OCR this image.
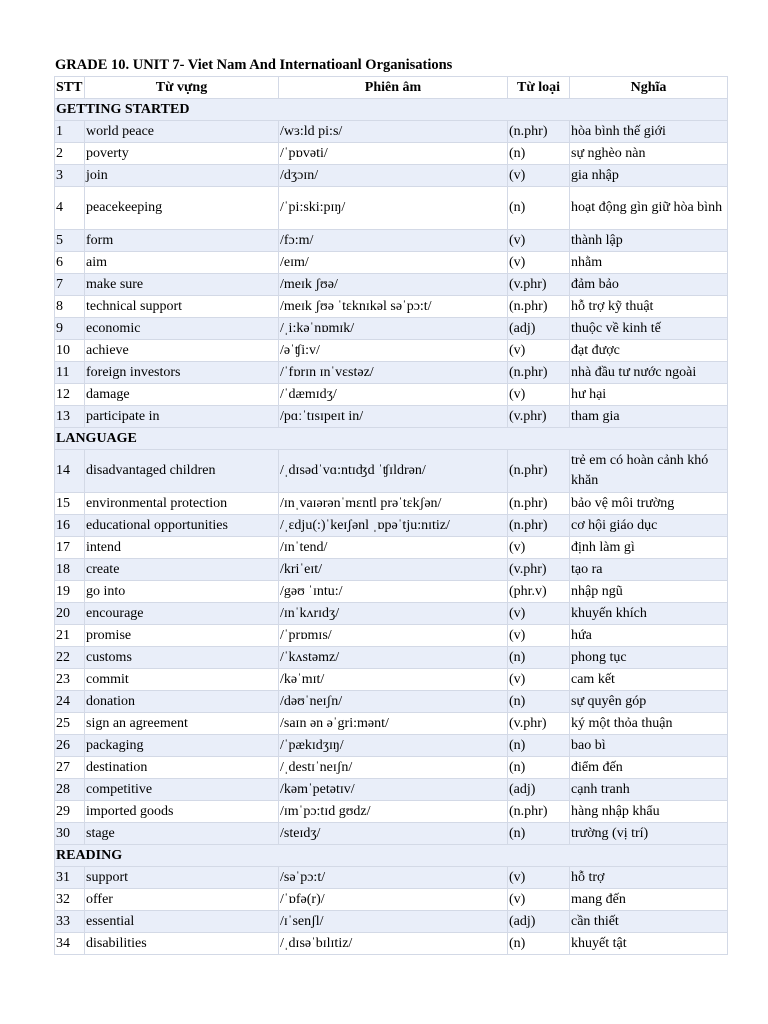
GRADE 10. UNIT 7- Viet Nam And Internatioanl Organisations
STT	Từ vựng	Phiên âm	Từ loại	Nghĩa
GETTING STARTED				
1	world peace	/wɜ:ld pi:s/	(n.phr)	hòa bình thế giới
2	poverty	/ˈpɒvəti/	(n)	sự nghèo nàn
3	join	/dʒɔɪn/	(v)	gia nhập
4	peacekeeping	/ˈpi:ski:pɪŋ/	(n)	hoạt động gìn giữ hòa bình
5	form	/fɔ:m/	(v)	thành lập
6	aim	/eɪm/	(v)	nhằm
7	make sure	/meɪk ʃʊə/	(v.phr)	đảm bảo
8	technical support	/meɪk ʃʊə ˈtɛknɪkəl səˈpɔ:t/	(n.phr)	hỗ trợ kỹ thuật
9	economic	/ˌi:kəˈnɒmɪk/	(adj)	thuộc về kinh tế
10	achieve	/əˈʧi:v/	(v)	đạt được
11	foreign investors	/ˈfɒrɪn ɪnˈvɛstəz/	(n.phr)	nhà đầu tư nước ngoài
12	damage	/ˈdæmɪdʒ/	(v)	hư hại
13	participate in	/pɑːˈtɪsɪpeɪt in/	(v.phr)	tham gia
LANGUAGE				
14	disadvantaged children	/ˌdɪsədˈvɑ:ntɪʤd ˈʧɪldrən/	(n.phr)	trẻ em có hoàn cảnh khó khăn
15	environmental protection	/ɪnˌvaɪərənˈmɛntl prəˈtɛkʃən/	(n.phr)	bảo vệ môi trường
16	educational opportunities	/ˌɛdju(:)ˈkeɪʃənl ˌɒpəˈtju:nɪtiz/	(n.phr)	cơ hội giáo dục
17	intend	/ɪnˈtend/	(v)	định làm gì
18	create	/kriˈeɪt/	(v.phr)	tạo ra
19	go into	/gəʊ ˈɪntu:/	(phr.v)	nhập ngũ
20	encourage	/ɪnˈkʌrɪdʒ/	(v)	khuyến khích
21	promise	/ˈprɒmɪs/	(v)	hứa
22	customs	/ˈkʌstəmz/	(n)	phong tục
23	commit	/kəˈmɪt/	(v)	cam kết
24	donation	/dəʊˈneɪʃn/	(n)	sự quyên góp
25	sign an agreement	/saɪn ən əˈgri:mənt/	(v.phr)	ký một thỏa thuận
26	packaging	/ˈpækɪdʒɪŋ/	(n)	bao bì
27	destination	/ˌdestɪˈneɪʃn/	(n)	điểm đến
28	competitive	/kəmˈpetətɪv/	(adj)	cạnh tranh
29	imported goods	/ɪmˈpɔ:tɪd gʊdz/	(n.phr)	hàng nhập khẩu
30	stage	/steɪdʒ/	(n)	trường (vị trí)
READING				
31	support	/səˈpɔ:t/	(v)	hỗ trợ
32	offer	/ˈɒfə(r)/	(v)	mang đến
33	essential	/ɪˈsenʃl/	(adj)	cần thiết
34	disabilities	/ˌdɪsəˈbɪlɪtiz/	(n)	khuyết tật
